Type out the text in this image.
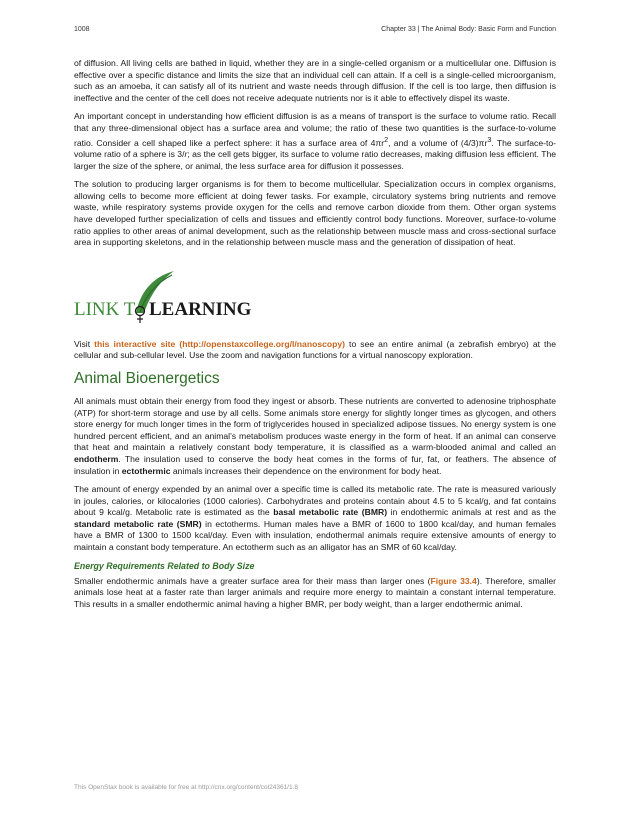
1008	Chapter 33 | The Animal Body: Basic Form and Function

of diffusion. All living cells are bathed in liquid, whether they are in a single-celled organism or a multicellular one. Diffusion is effective over a specific distance and limits the size that an individual cell can attain. If a cell is a single-celled microorganism, such as an amoeba, it can satisfy all of its nutrient and waste needs through diffusion. If the cell is too large, then diffusion is ineffective and the center of the cell does not receive adequate nutrients nor is it able to effectively dispel its waste.

An important concept in understanding how efficient diffusion is as a means of transport is the surface to volume ratio. Recall that any three-dimensional object has a surface area and volume; the ratio of these two quantities is the surface-to-volume ratio. Consider a cell shaped like a perfect sphere: it has a surface area of $4\pi r^2$, and a volume of $(4/3)\pi r^3$. The surface-to-volume ratio of a sphere is 3/r; as the cell gets bigger, its surface to volume ratio decreases, making diffusion less efficient. The larger the size of the sphere, or animal, the less surface area for diffusion it possesses.

The solution to producing larger organisms is for them to become multicellular. Specialization occurs in complex organisms, allowing cells to become more efficient at doing fewer tasks. For example, circulatory systems bring nutrients and remove waste, while respiratory systems provide oxygen for the cells and remove carbon dioxide from them. Other organ systems have developed further specialization of cells and tissues and efficiently control body functions. Moreover, surface-to-volume ratio applies to other areas of animal development, such as the relationship between muscle mass and cross-sectional surface area in supporting skeletons, and in the relationship between muscle mass and the generation of dissipation of heat.

LINK T LEARNING

Visit this interactive site (http://openstaxcollege.org/l/nanoscopy) to see an entire animal (a zebrafish embryo) at the cellular and sub-cellular level. Use the zoom and navigation functions for a virtual nanoscopy exploration.

Animal Bioenergetics

All animals must obtain their energy from food they ingest or absorb. These nutrients are converted to adenosine triphosphate (ATP) for short-term storage and use by all cells. Some animals store energy for slightly longer times as glycogen, and others store energy for much longer times in the form of triglycerides housed in specialized adipose tissues. No energy system is one hundred percent efficient, and an animal’s metabolism produces waste energy in the form of heat. If an animal can conserve that heat and maintain a relatively constant body temperature, it is classified as a warm-blooded animal and called an endotherm. The insulation used to conserve the body heat comes in the forms of fur, fat, or feathers. The absence of insulation in ectothermic animals increases their dependence on the environment for body heat.

The amount of energy expended by an animal over a specific time is called its metabolic rate. The rate is measured variously in joules, calories, or kilocalories (1000 calories). Carbohydrates and proteins contain about 4.5 to 5 kcal/g, and fat contains about 9 kcal/g. Metabolic rate is estimated as the basal metabolic rate (BMR) in endothermic animals at rest and as the standard metabolic rate (SMR) in ectotherms. Human males have a BMR of 1600 to 1800 kcal/day, and human females have a BMR of 1300 to 1500 kcal/day. Even with insulation, endothermal animals require extensive amounts of energy to maintain a constant body temperature. An ectotherm such as an alligator has an SMR of 60 kcal/day.

Energy Requirements Related to Body Size

Smaller endothermic animals have a greater surface area for their mass than larger ones (Figure 33.4). Therefore, smaller animals lose heat at a faster rate than larger animals and require more energy to maintain a constant internal temperature. This results in a smaller endothermic animal having a higher BMR, per body weight, than a larger endothermic animal.

This OpenStax book is available for free at http://cnx.org/content/col24361/1.8
